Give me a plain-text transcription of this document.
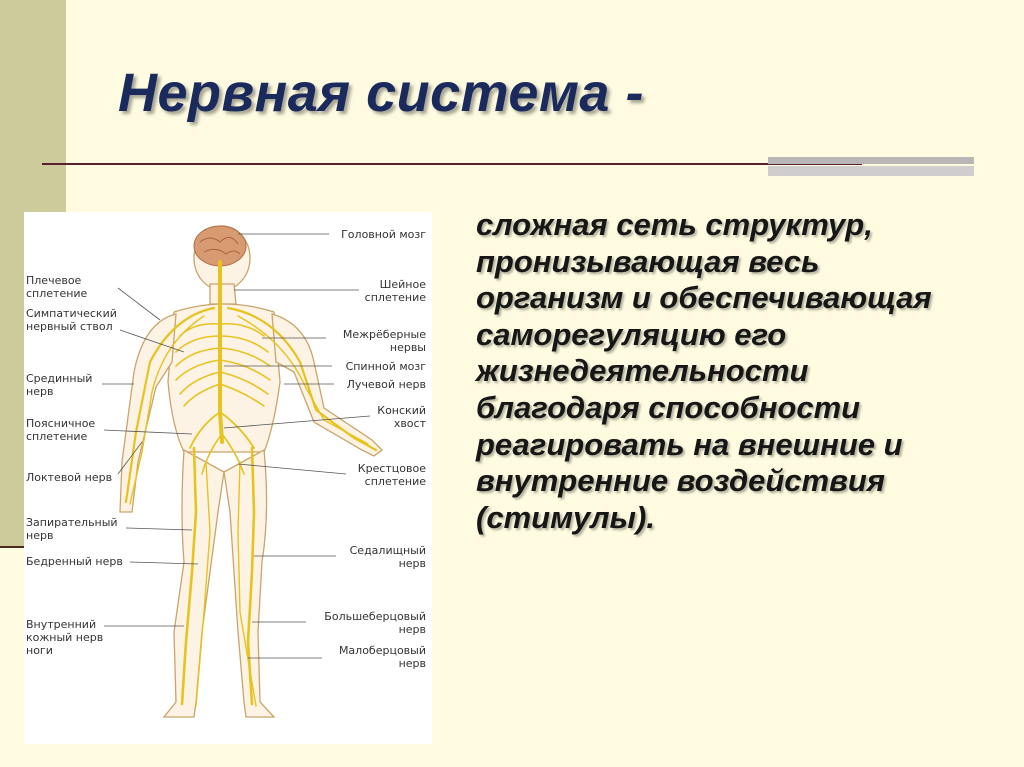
Нервная система -
Плечевое
сплетение
Симпатический
нервный ствол
Срединный
нерв
Поясничное
сплетение
Локтевой нерв
Запирательный
нерв
Бедренный нерв
Внутренний
кожный нерв
ноги
Головной мозг
Шейное
сплетение
Межрёберные
нервы
Спинной мозг
Лучевой нерв
Конский
хвост
Крестцовое
сплетение
Седалищный
нерв
Большеберцовый
нерв
Малоберцовый
нерв
сложная сеть структур,
пронизывающая весь
организм и обеспечивающая
саморегуляцию его
жизнедеятельности
благодаря способности
реагировать на внешние и
внутренние воздействия
(стимулы).
